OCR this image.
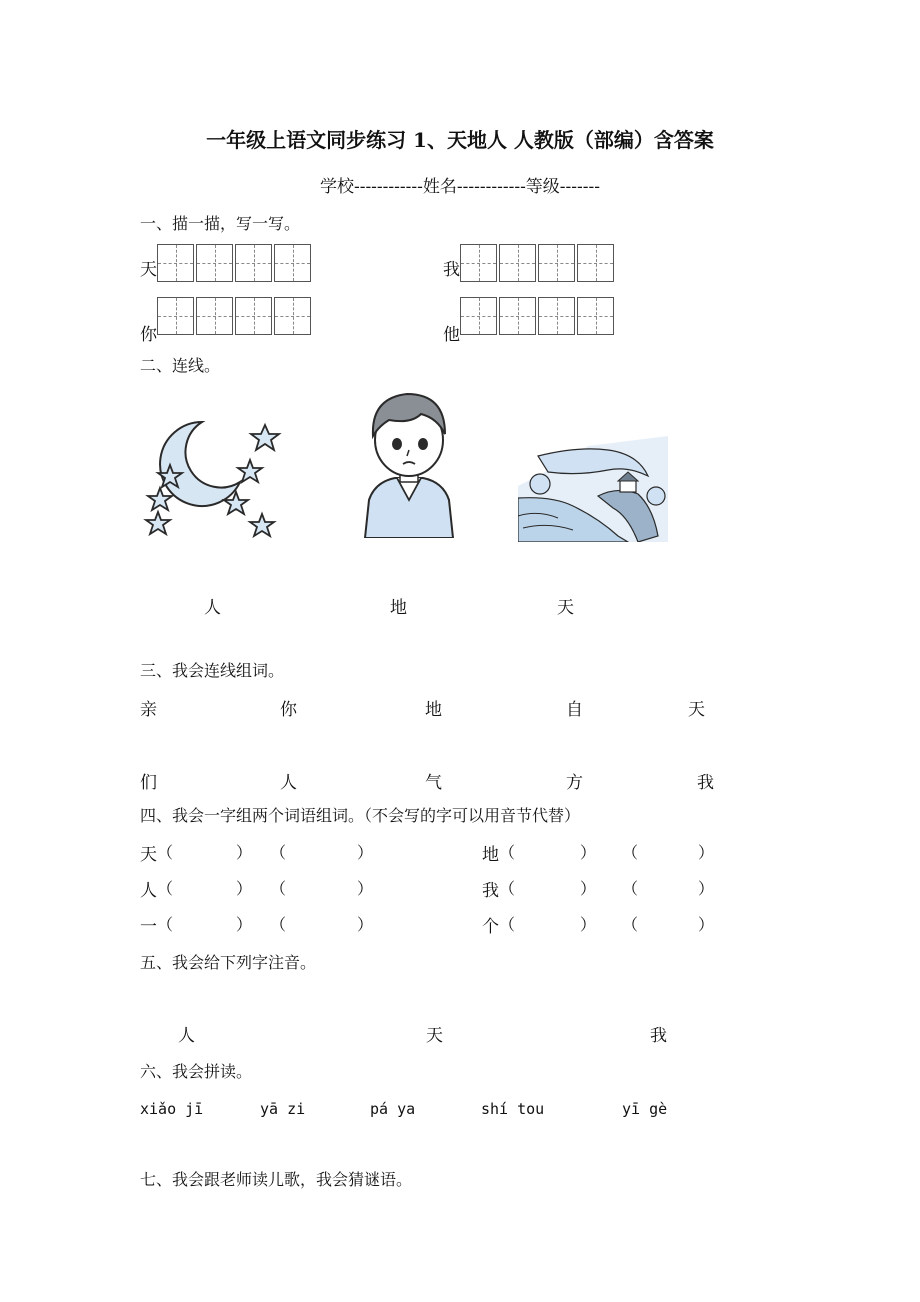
一年级上语文同步练习 1、天地人 人教版（部编）含答案
学校------------姓名------------等级-------
一、描一描，写一写。
天	我
你	他
二、连线。
人	地	天
三、我会连线组词。
亲	你	地	自	天
们	人	气	方	我
四、我会一字组两个词语组词。（不会写的字可以用音节代替）
天 （	） （	）	地 （	） （	）
人 （	） （	）	我 （	） （	）
一 （	） （	）	个 （	） （	）
五、我会给下列字注音。
人	天	我
六、我会拼读。
xiǎo jī	yā zi	pá ya	shí tou	yī gè
七、我会跟老师读儿歌，我会猜谜语。
